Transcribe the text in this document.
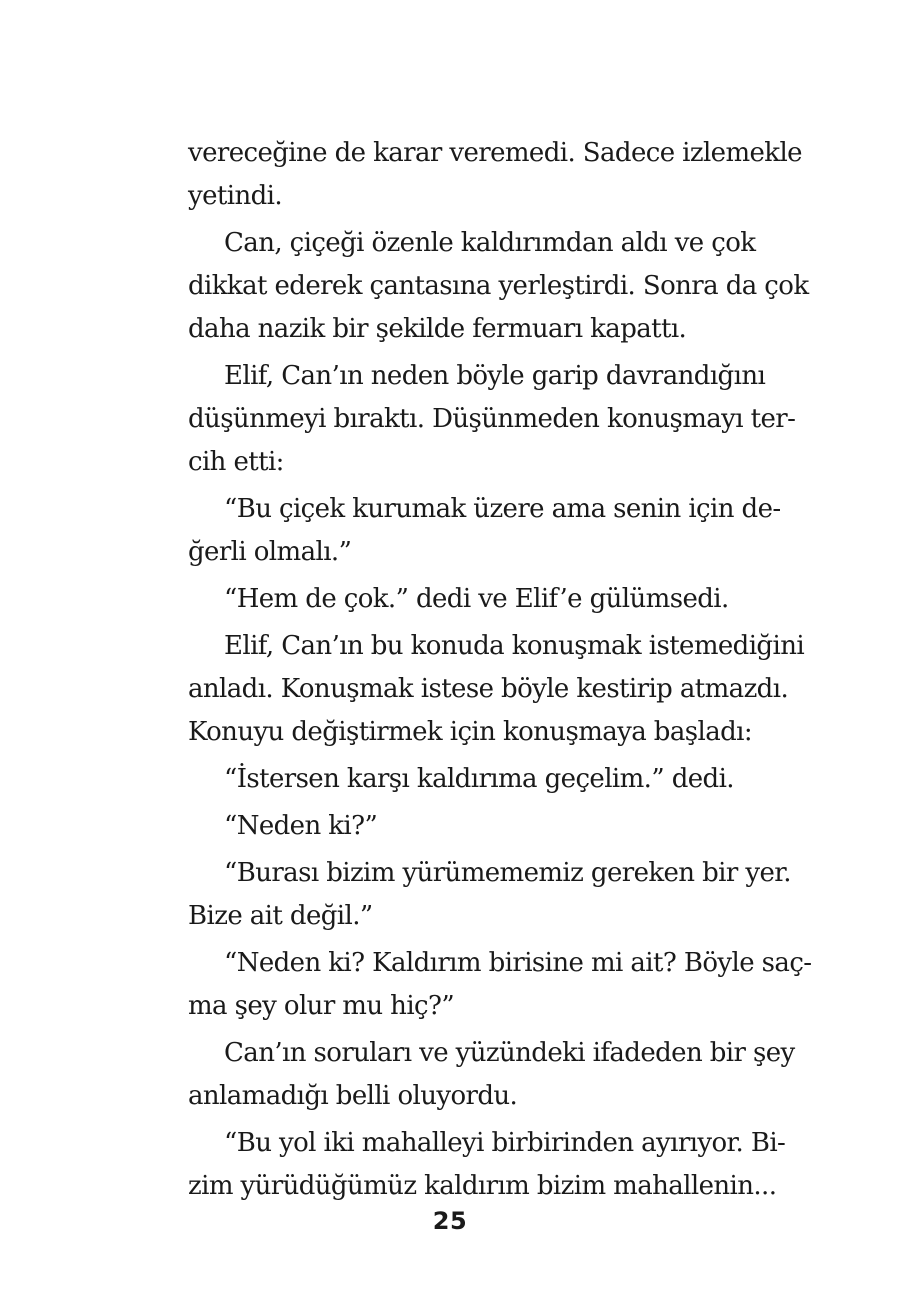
vereceğine de karar veremedi. Sadece izlemekle
yetindi.
Can, çiçeği özenle kaldırımdan aldı ve çok
dikkat ederek çantasına yerleştirdi. Sonra da çok
daha nazik bir şekilde fermuarı kapattı.
Elif, Can’ın neden böyle garip davrandığını
düşünmeyi bıraktı. Düşünmeden konuşmayı ter-
cih etti:
“Bu çiçek kurumak üzere ama senin için de-
ğerli olmalı.”
“Hem de çok.” dedi ve Elif’e gülümsedi.
Elif, Can’ın bu konuda konuşmak istemediğini
anladı. Konuşmak istese böyle kestirip atmazdı.
Konuyu değiştirmek için konuşmaya başladı:
“İstersen karşı kaldırıma geçelim.” dedi.
“Neden ki?”
“Burası bizim yürümememiz gereken bir yer.
Bize ait değil.”
“Neden ki? Kaldırım birisine mi ait? Böyle saç-
ma şey olur mu hiç?”
Can’ın soruları ve yüzündeki ifadeden bir şey
anlamadığı belli oluyordu.
“Bu yol iki mahalleyi birbirinden ayırıyor. Bi-
zim yürüdüğümüz kaldırım bizim mahallenin...
25
